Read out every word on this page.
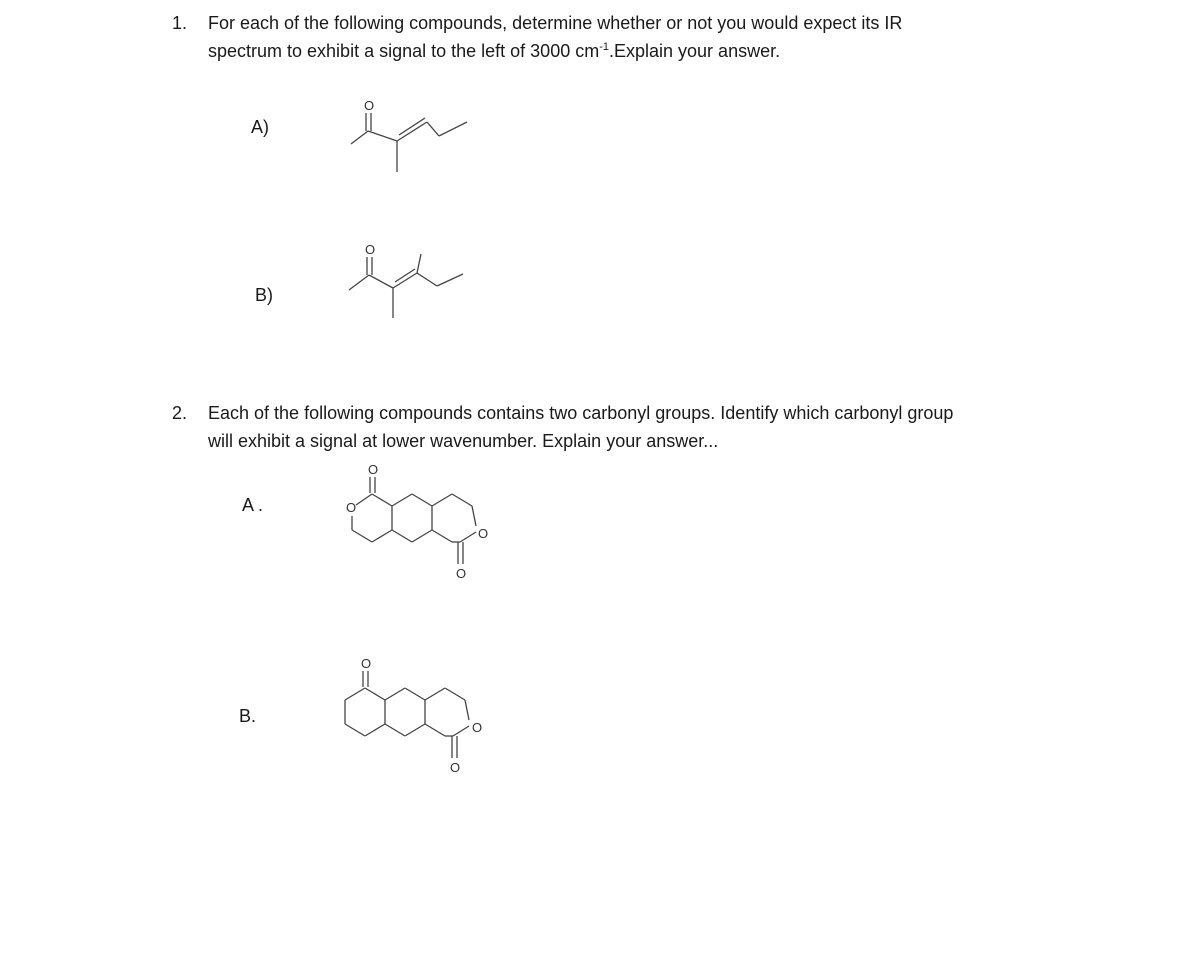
1. For each of the following compounds, determine whether or not you would expect its IR
spectrum to exhibit a signal to the left of 3000 $cm^{-1}.Explain$ your answer.
A)
O
B)
O
2. Each of the following compounds contains two carbonyl groups. Identify which carbonyl group
will exhibit a signal at lower wavenumber. Explain your answer...
A .
O
O
O
O
B.
O
O
O
